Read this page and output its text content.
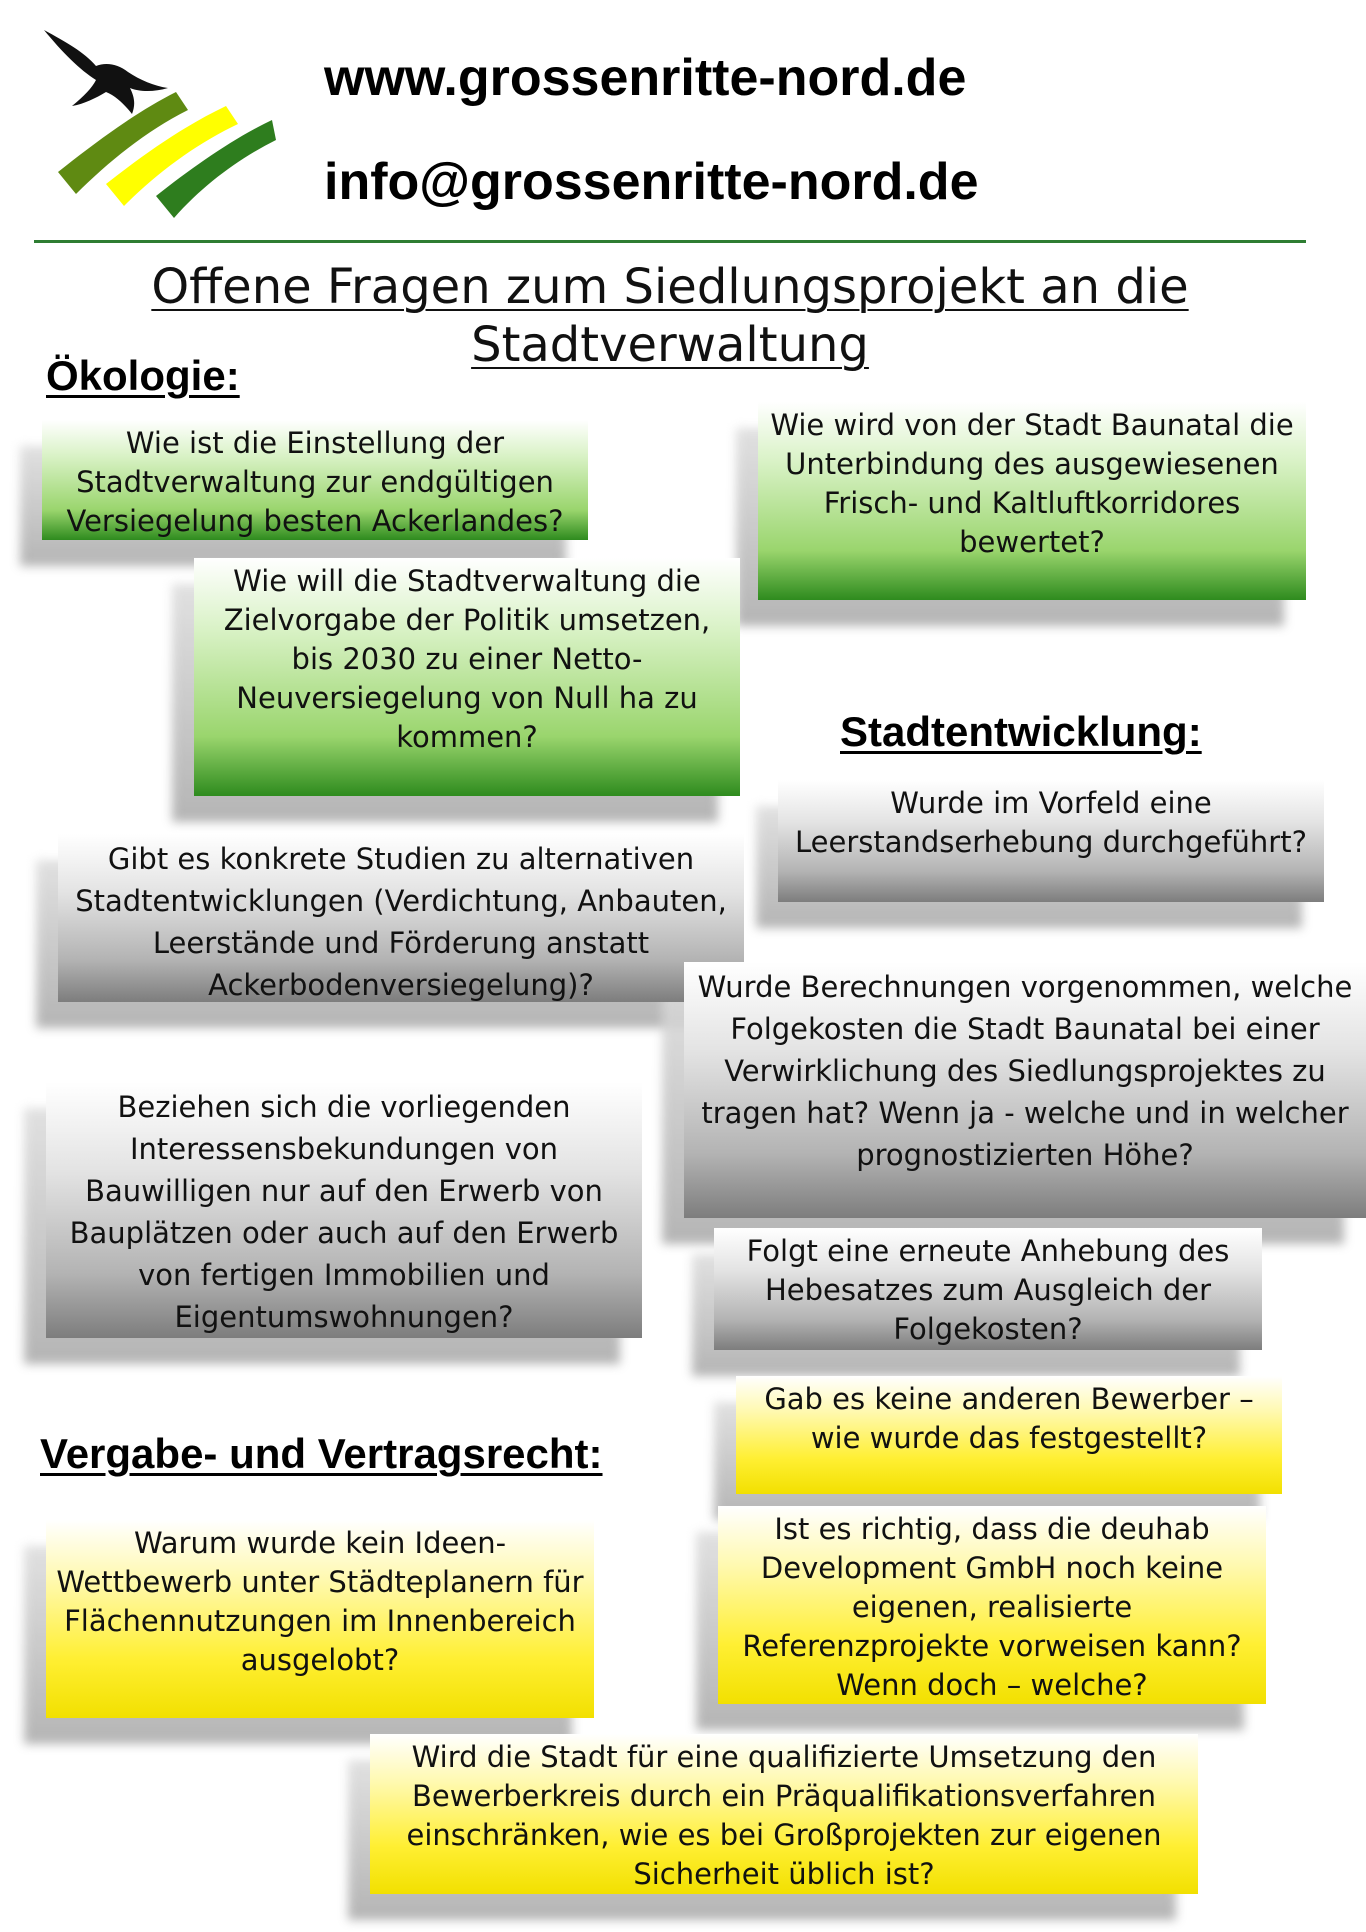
www.grossenritte-nord.de
info@grossenritte-nord.de
Offene Fragen zum Siedlungsprojekt an die
Stadtverwaltung
Ökologie:
Stadtentwicklung:
Vergabe- und Vertragsrecht:
Wie ist die Einstellung der Stadtverwaltung zur endgültigen Versiegelung besten Ackerlandes?
Wie wird von der Stadt Baunatal die Unterbindung des ausgewiesenen Frisch- und Kaltluftkorridores bewertet?
Wie will die Stadtverwaltung die Zielvorgabe der Politik umsetzen, bis 2030 zu einer Netto-Neuversiegelung von Null ha zu kommen?
Wurde im Vorfeld eine Leerstandserhebung durchgeführt?
Gibt es konkrete Studien zu alternativen Stadtentwicklungen (Verdichtung, Anbauten, Leerstände und Förderung anstatt Ackerbodenversiegelung)?	Wurde Berechnungen vorgenommen, welche Folgekosten die Stadt Baunatal bei einer Verwirklichung des Siedlungsprojektes zu tragen hat? Wenn ja - welche und in welcher prognostizierten Höhe?
Beziehen sich die vorliegenden Interessensbekundungen von Bauwilligen nur auf den Erwerb von Bauplätzen oder auch auf den Erwerb von fertigen Immobilien und Eigentumswohnungen?
Folgt eine erneute Anhebung des Hebesatzes zum Ausgleich der Folgekosten?
Gab es keine anderen Bewerber – wie wurde das festgestellt?
Warum wurde kein Ideen-Wettbewerb unter Städteplanern für Flächennutzungen im Innenbereich ausgelobt?
Ist es richtig, dass die deuhab Development GmbH noch keine eigenen, realisierte Referenzprojekte vorweisen kann? Wenn doch – welche?
Wird die Stadt für eine qualifizierte Umsetzung den Bewerberkreis durch ein Präqualifikationsverfahren einschränken, wie es bei Großprojekten zur eigenen Sicherheit üblich ist?
